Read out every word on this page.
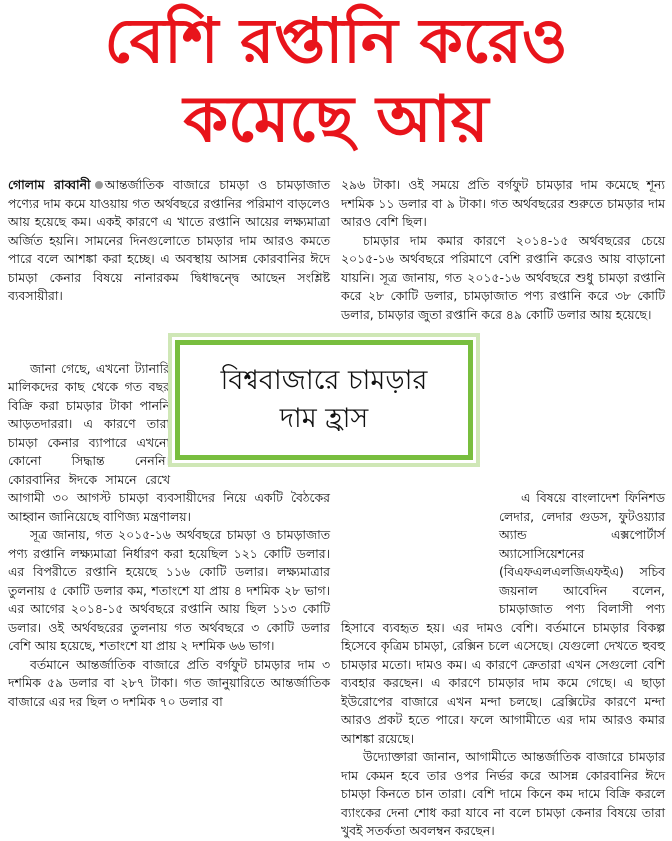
বেশি রপ্তানি করেও
কমেছে আয়

গোলাম রাব্বানী আন্তর্জাতিক বাজারে চামড়া ও চামড়াজাত পণ্যের দাম কমে যাওয়ায় গত অর্থবছরে রপ্তানির পরিমাণ বাড়লেও আয় হয়েছে কম। একই কারণে এ খাতে রপ্তানি আয়ের লক্ষ্যমাত্রা অর্জিত হয়নি। সামনের দিনগুলোতে চামড়ার দাম আরও কমতে পারে বলে আশঙ্কা করা হচ্ছে। এ অবস্থায় আসন্ন কোরবানির ঈদে চামড়া কেনার বিষয়ে নানারকম দ্বিধাদ্বন্দ্বে আছেন সংশ্লিষ্ট ব্যবসায়ীরা।

জানা গেছে, এখনো ট্যানারি মালিকদের কাছ থেকে গত বছর বিক্রি করা চামড়ার টাকা পাননি আড়তদাররা। এ কারণে তারা চামড়া কেনার ব্যাপারে এখনো কোনো সিদ্ধান্ত নেননি। কোরবানির ঈদকে সামনে রেখে আগামী ৩০ আগস্ট চামড়া ব্যবসায়ীদের নিয়ে একটি বৈঠকের আহ্বান জানিয়েছে বাণিজ্য মন্ত্রণালয়।

সূত্র জানায়, গত ২০১৫-১৬ অর্থবছরে চামড়া ও চামড়াজাত পণ্য রপ্তানি লক্ষ্যমাত্রা নির্ধারণ করা হয়েছিল ১২১ কোটি ডলার। এর বিপরীতে রপ্তানি হয়েছে ১১৬ কোটি ডলার। লক্ষ্যমাত্রার তুলনায় ৫ কোটি ডলার কম, শতাংশে যা প্রায় ৪ দশমিক ২৮ ভাগ। এর আগের ২০১৪-১৫ অর্থবছরে রপ্তানি আয় ছিল ১১৩ কোটি ডলার। ওই অর্থবছরের তুলনায় গত অর্থবছরে ৩ কোটি ডলার বেশি আয় হয়েছে, শতাংশে যা প্রায় ২ দশমিক ৬৬ ভাগ।

বর্তমানে আন্তর্জাতিক বাজারে প্রতি বর্গফুট চামড়ার দাম ৩ দশমিক ৫৯ ডলার বা ২৮৭ টাকা। গত জানুয়ারিতে আন্তর্জাতিক বাজারে এর দর ছিল ৩ দশমিক ৭০ ডলার বা

২৯৬ টাকা। ওই সময়ে প্রতি বর্গফুট চামড়ার দাম কমেছে শূন্য দশমিক ১১ ডলার বা ৯ টাকা। গত অর্থবছরের শুরুতে চামড়ার দাম আরও বেশি ছিল।

চামড়ার দাম কমার কারণে ২০১৪-১৫ অর্থবছরের চেয়ে ২০১৫-১৬ অর্থবছরে পরিমাণে বেশি রপ্তানি করেও আয় বাড়ানো যায়নি। সূত্র জানায়, গত ২০১৫-১৬ অর্থবছরে শুধু চামড়া রপ্তানি করে ২৮ কোটি ডলার, চামড়াজাত পণ্য রপ্তানি করে ৩৮ কোটি ডলার, চামড়ার জুতা রপ্তানি করে ৪৯ কোটি ডলার আয় হয়েছে।

এ বিষয়ে বাংলাদেশ ফিনিশড লেদার, লেদার গুডস, ফুটওয়্যার অ্যান্ড এক্সপোর্টার্স অ্যাসোসিয়েশনের (বিএফএলএলজিএফইএ) সচিব জয়নাল আবেদিন বলেন, চামড়াজাত পণ্য বিলাসী পণ্য হিসাবে ব্যবহৃত হয়। এর দামও বেশি। বর্তমানে চামড়ার বিকল্প হিসেবে কৃত্রিম চামড়া, রেক্সিন চলে এসেছে। যেগুলো দেখতে হুবহু চামড়ার মতো। দামও কম। এ কারণে ক্রেতারা এখন সেগুলো বেশি ব্যবহার করছেন। এ কারণে চামড়ার দাম কমে গেছে। এ ছাড়া ইউরোপের বাজারে এখন মন্দা চলছে। ব্রেক্সিটের কারণে মন্দা আরও প্রকট হতে পারে। ফলে আগামীতে এর দাম আরও কমার আশঙ্কা রয়েছে।

উদ্যোক্তারা জানান, আগামীতে আন্তর্জাতিক বাজারে চামড়ার দাম কেমন হবে তার ওপর নির্ভর করে আসন্ন কোরবানির ঈদে চামড়া কিনতে চান তারা। বেশি দামে কিনে কম দামে বিক্রি করলে ব্যাংকের দেনা শোধ করা যাবে না বলে চামড়া কেনার বিষয়ে তারা খুবই সতর্কতা অবলম্বন করছেন।

বিশ্ববাজারে চামড়ার
দাম হ্রাস
